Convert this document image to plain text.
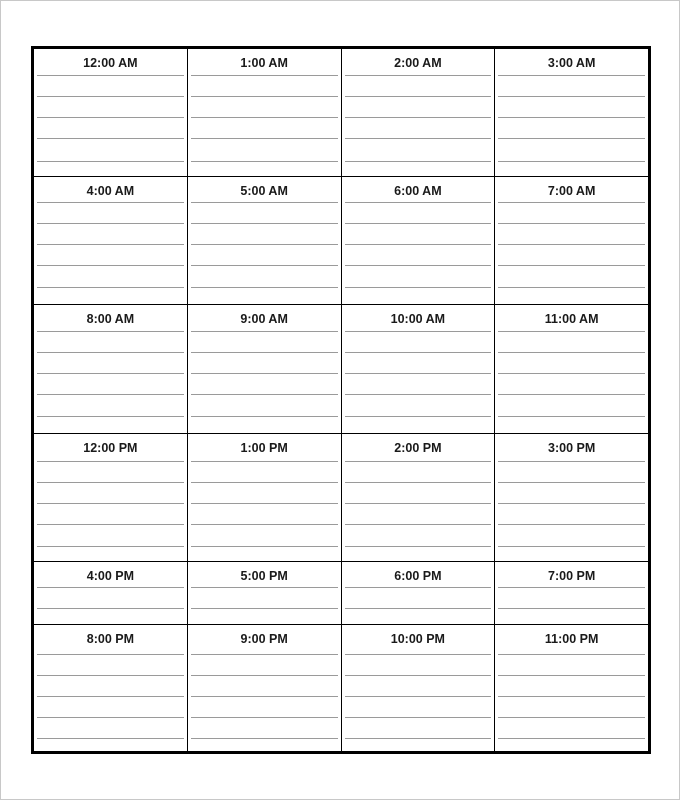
12:00 AM	1:00 AM	2:00 AM	3:00 AM
4:00 AM	5:00 AM	6:00 AM	7:00 AM
8:00 AM	9:00 AM	10:00 AM	11:00 AM
12:00 PM	1:00 PM	2:00 PM	3:00 PM
4:00 PM	5:00 PM	6:00 PM	7:00 PM
8:00 PM	9:00 PM	10:00 PM	11:00 PM
